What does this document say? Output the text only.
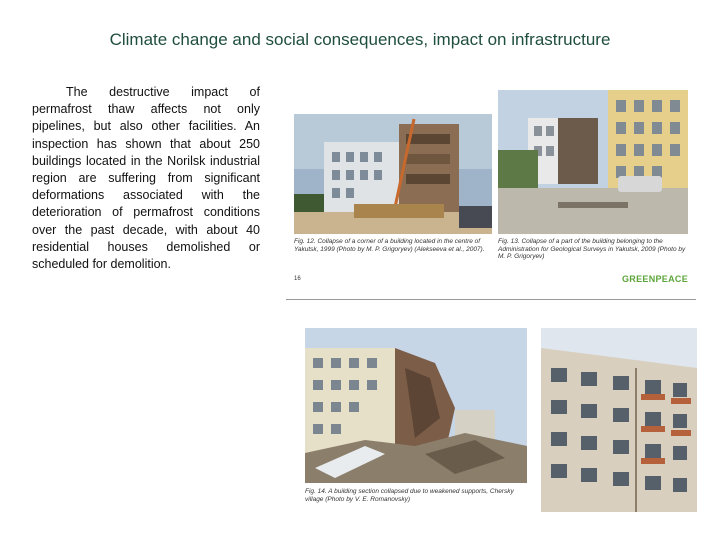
Climate change and social consequences, impact on infrastructure
The destructive impact of permafrost thaw affects not only pipelines, but also other facilities. An inspection has shown that about 250 buildings located in the Norilsk industrial region are suffering from significant deformations associated with the deterioration of permafrost conditions over the past decade, with about 40 residential houses demolished or scheduled for demolition.
Fig. 12. Collapse of a corner of a building located in the centre of Yakutsk, 1999 (Photo by M. P. Grigoryev) (Alekseeva et al., 2007).
Fig. 13. Collapse of a part of the building belonging to the Administration for Geological Surveys in Yakutsk, 2009 (Photo by M. P. Grigoryev)
16	GREENPEACE
Fig. 14. A building section collapsed due to weakened supports, Chersky village (Photo by V. E. Romanovsky)
